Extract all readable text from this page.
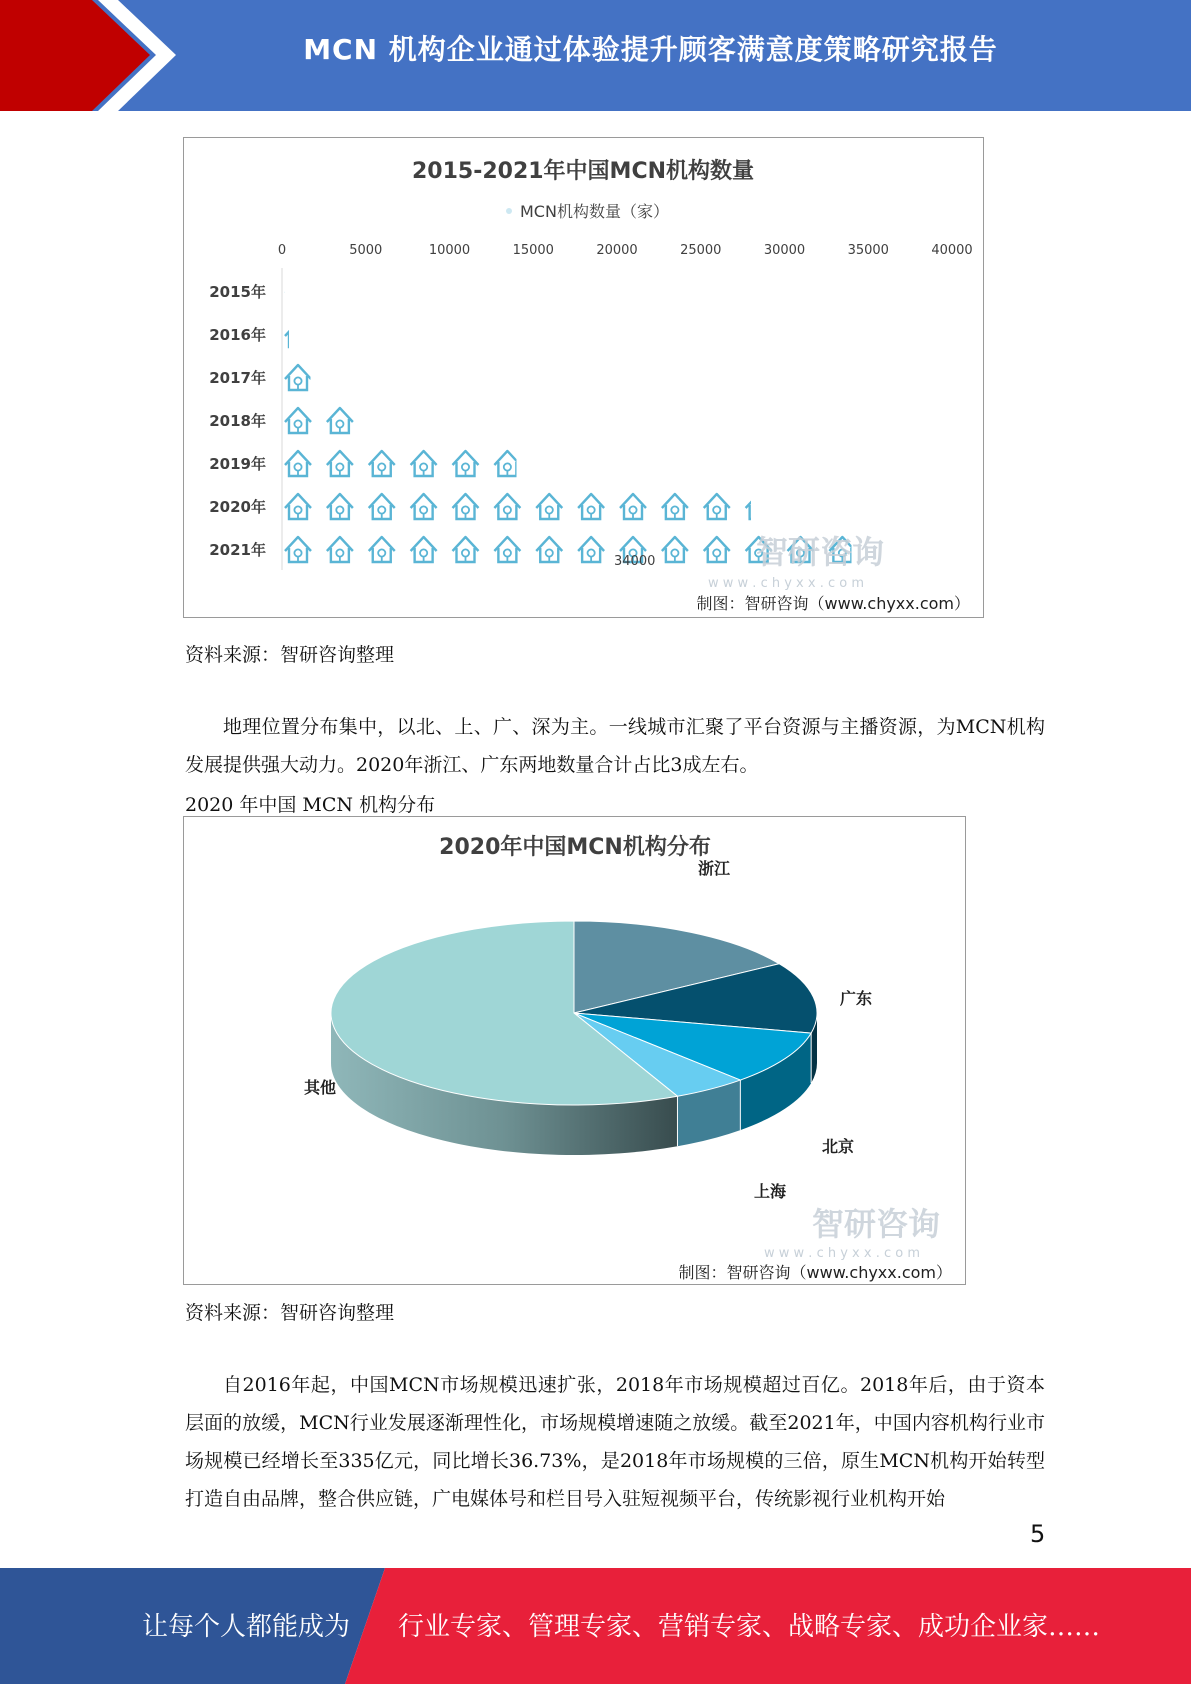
MCN 机构企业通过体验提升顾客满意度策略研究报告
2015-2021年中国MCN机构数量
MCN机构数量（家）
0	5000	10000	15000	20000	25000	30000	35000	40000
2015年
2016年
2017年
2018年
2019年
2020年
2021年
34000	智研咨询
w w w . c h y x x . c o m
制图：智研咨询（www.chyxx.com）
资料来源：智研咨询整理

地理位置分布集中，以北、上、广、深为主。一线城市汇聚了平台资源与主播资源，为MCN机构发展提供强大动力。2020年浙江、广东两地数量合计占比3成左右。

2020 年中国 MCN 机构分布
2020年中国MCN机构分布
浙江
广东
北京
上海
其他
智研咨询
w w w . c h y x x . c o m
制图：智研咨询（www.chyxx.com）
资料来源：智研咨询整理

自2016年起，中国MCN市场规模迅速扩张，2018年市场规模超过百亿。2018年后，由于资本层面的放缓，MCN行业发展逐渐理性化，市场规模增速随之放缓。截至2021年，中国内容机构行业市场规模已经增长至335亿元，同比增长36.73%，是2018年市场规模的三倍，原生MCN机构开始转型打造自由品牌，整合供应链，广电媒体号和栏目号入驻短视频平台，传统影视行业机构开始

5
让每个人都能成为 行业专家、管理专家、营销专家、战略专家、成功企业家……
